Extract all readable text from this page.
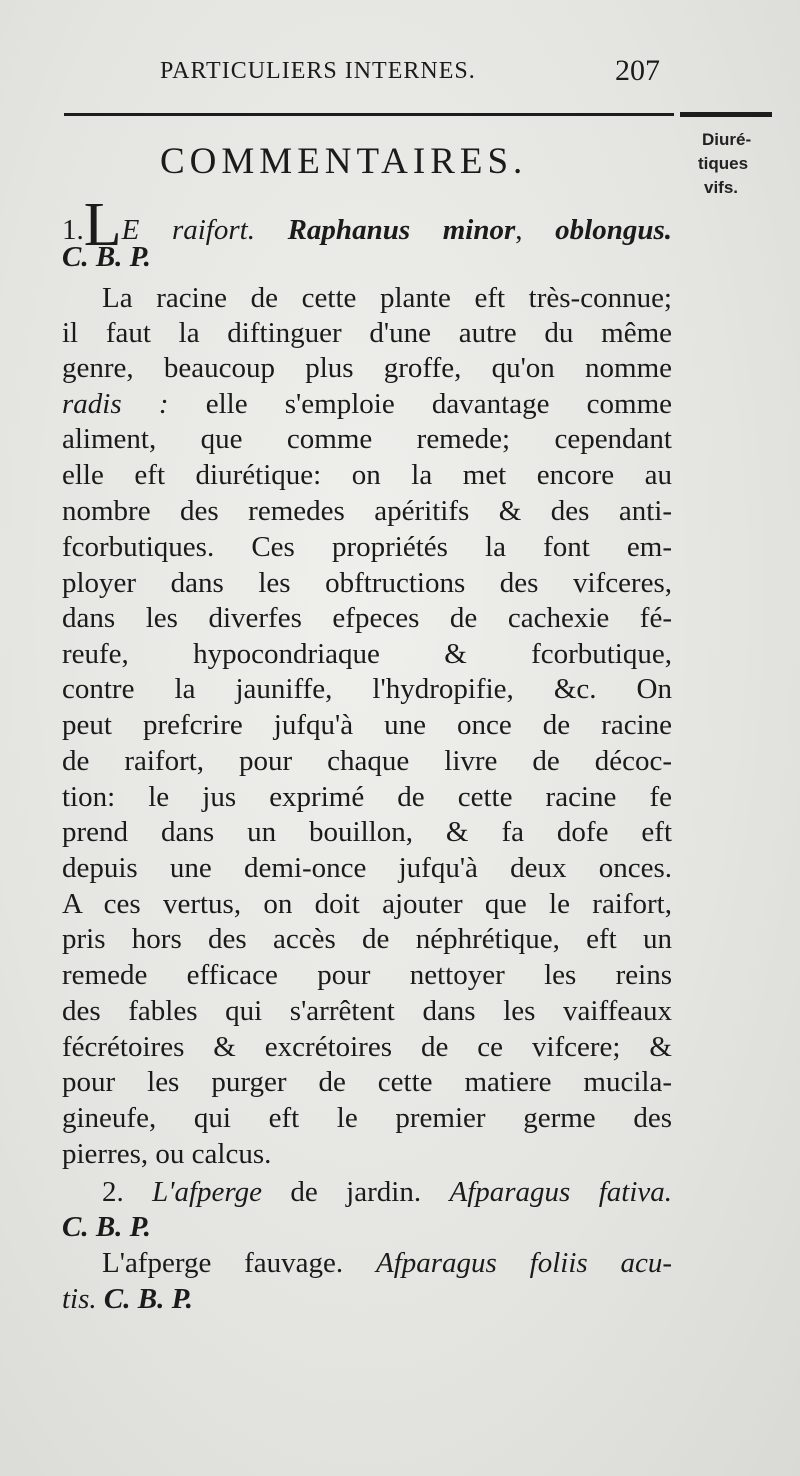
PARTICULIERS INTERNES.	207
COMMENTAIRES.
Diuré-
tiques
vifs.
1.LE raifort. Raphanus minor, oblongus.
C. B. P.
La racine de cette plante eft très-connue;
il faut la diftinguer d'une autre du même
genre, beaucoup plus groffe, qu'on nomme
radis : elle s'emploie davantage comme
aliment, que comme remede; cependant
elle eft diurétique: on la met encore au
nombre des remedes apéritifs & des anti-
fcorbutiques. Ces propriétés la font em-
ployer dans les obftructions des vifceres,
dans les diverfes efpeces de cachexie fé-
reufe, hypocondriaque & fcorbutique,
contre la jauniffe, l'hydropifie, &c. On
peut prefcrire jufqu'à une once de racine
de raifort, pour chaque livre de décoc-
tion: le jus exprimé de cette racine fe
prend dans un bouillon, & fa dofe eft
depuis une demi-once jufqu'à deux onces.
A ces vertus, on doit ajouter que le raifort,
pris hors des accès de néphrétique, eft un
remede efficace pour nettoyer les reins
des fables qui s'arrêtent dans les vaiffeaux
fécrétoires & excrétoires de ce vifcere; &
pour les purger de cette matiere mucila-
gineufe, qui eft le premier germe des
pierres, ou calcus.
2. L'afperge de jardin. Afparagus fativa.
C. B. P.
L'afperge fauvage. Afparagus foliis acu-
tis. C. B. P.
